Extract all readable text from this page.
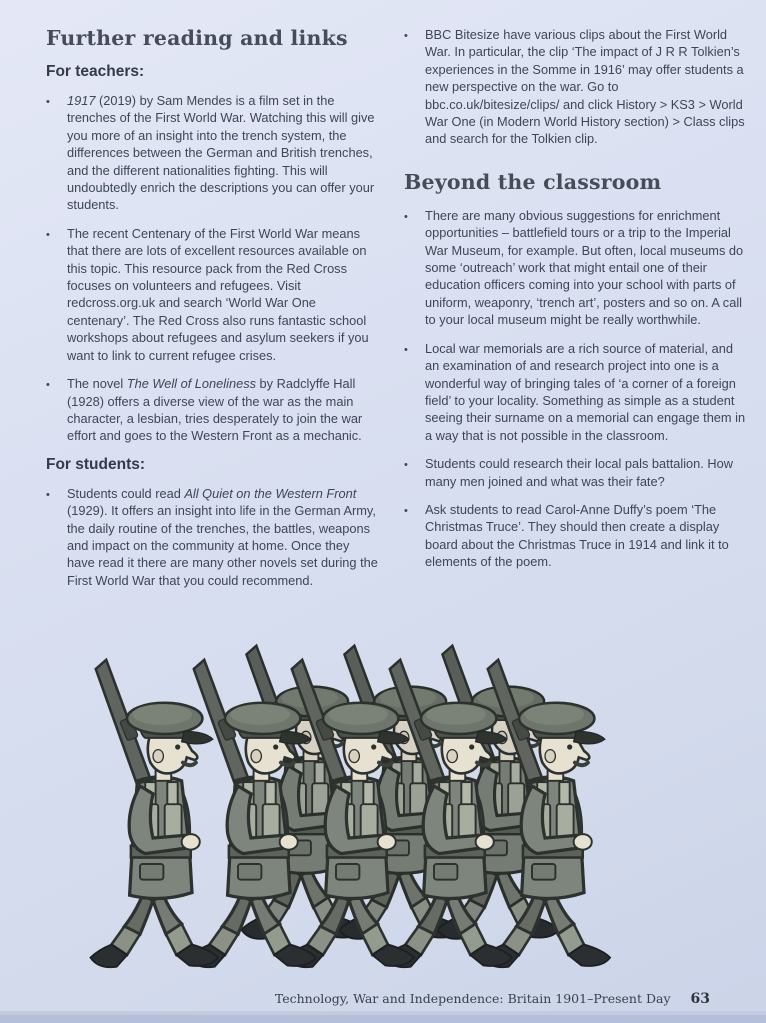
Further reading and links
For teachers:
•	1917 (2019) by Sam Mendes is a film set in the trenches of the First World War. Watching this will give you more of an insight into the trench system, the differences between the German and British trenches, and the different nationalities fighting. This will undoubtedly enrich the descriptions you can offer your students.
•	The recent Centenary of the First World War means that there are lots of excellent resources available on this topic. This resource pack from the Red Cross focuses on volunteers and refugees. Visit redcross.org.uk and search ‘World War One centenary’. The Red Cross also runs fantastic school workshops about refugees and asylum seekers if you want to link to current refugee crises.
•	The novel The Well of Loneliness by Radclyffe Hall (1928) offers a diverse view of the war as the main character, a lesbian, tries desperately to join the war effort and goes to the Western Front as a mechanic.
For students:
•	Students could read All Quiet on the Western Front (1929). It offers an insight into life in the German Army, the daily routine of the trenches, the battles, weapons and impact on the community at home. Once they have read it there are many other novels set during the First World War that you could recommend.
•	BBC Bitesize have various clips about the First World War. In particular, the clip ‘The impact of J R R Tolkien’s experiences in the Somme in 1916’ may offer students a new perspective on the war. Go to bbc.co.uk/bitesize/clips/ and click History > KS3 > World War One (in Modern World History section) > Class clips and search for the Tolkien clip.
Beyond the classroom
•	There are many obvious suggestions for enrichment opportunities – battlefield tours or a trip to the Imperial War Museum, for example. But often, local museums do some ‘outreach’ work that might entail one of their education officers coming into your school with parts of uniform, weaponry, ‘trench art’, posters and so on. A call to your local museum might be really worthwhile.
•	Local war memorials are a rich source of material, and an examination of and research project into one is a wonderful way of bringing tales of ‘a corner of a foreign field’ to your locality. Something as simple as a student seeing their surname on a memorial can engage them in a way that is not possible in the classroom.
•	Students could research their local pals battalion. How many men joined and what was their fate?
•	Ask students to read Carol-Anne Duffy’s poem ‘The Christmas Truce’. They should then create a display board about the Christmas Truce in 1914 and link it to elements of the poem.
Technology, War and Independence: Britain 1901–Present Day 63
